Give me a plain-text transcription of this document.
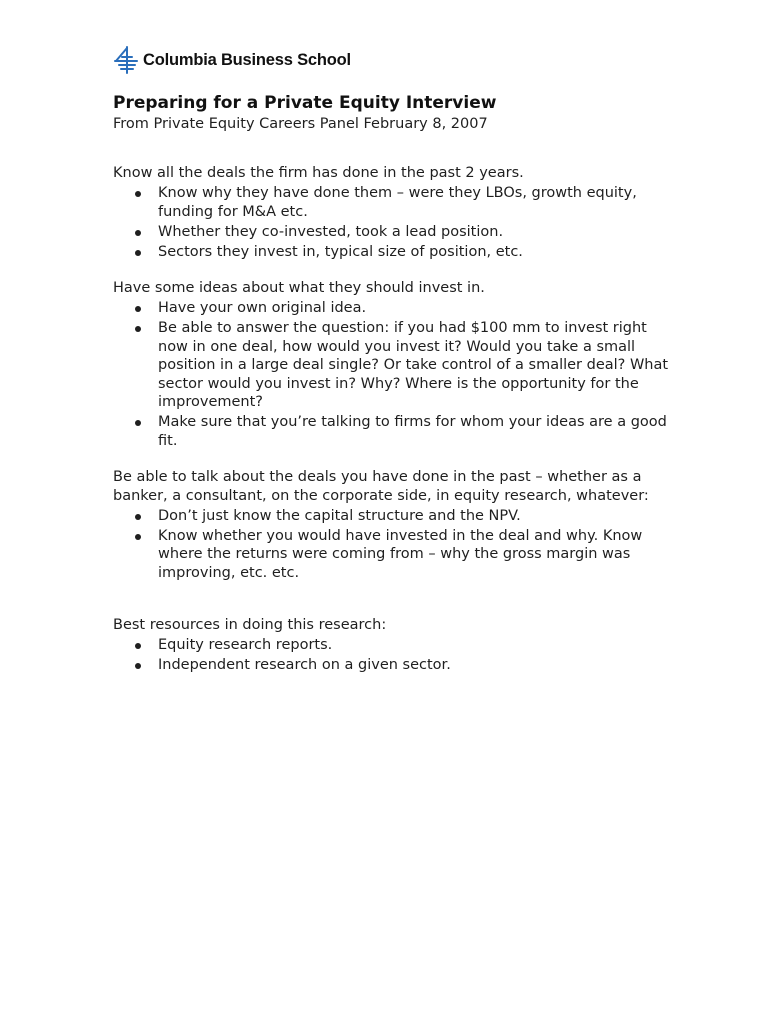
Columbia Business School
Preparing for a Private Equity Interview
From Private Equity Careers Panel February 8, 2007
Know all the deals the firm has done in the past 2 years.
Know why they have done them – were they LBOs, growth equity, funding for M&A etc.
Whether they co-invested, took a lead position.
Sectors they invest in, typical size of position, etc.
Have some ideas about what they should invest in.
Have your own original idea.
Be able to answer the question: if you had $100 mm to invest right now in one deal, how would you invest it? Would you take a small position in a large deal single? Or take control of a smaller deal? What sector would you invest in? Why? Where is the opportunity for the improvement?
Make sure that you’re talking to firms for whom your ideas are a good fit.
Be able to talk about the deals you have done in the past – whether as a banker, a consultant, on the corporate side, in equity research, whatever:
Don’t just know the capital structure and the NPV.
Know whether you would have invested in the deal and why. Know where the returns were coming from – why the gross margin was improving, etc. etc.
Best resources in doing this research:
Equity research reports.
Independent research on a given sector.
